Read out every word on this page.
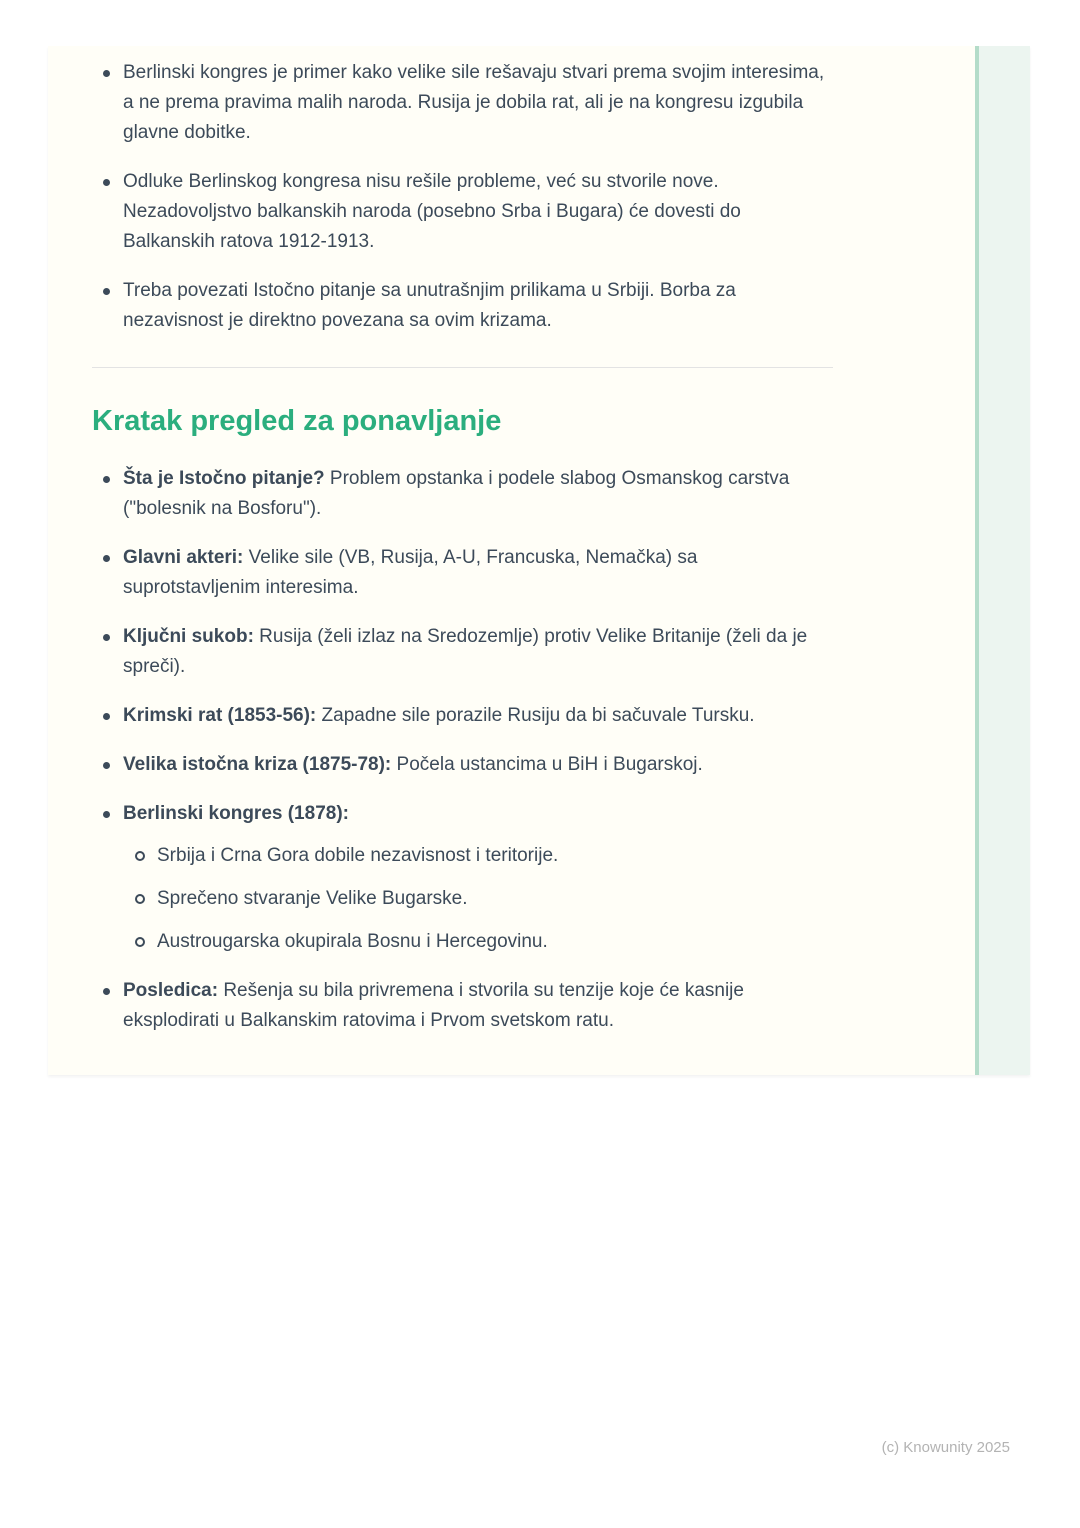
Berlinski kongres je primer kako velike sile rešavaju stvari prema svojim interesima, a ne prema pravima malih naroda. Rusija je dobila rat, ali je na kongresu izgubila glavne dobitke.
Odluke Berlinskog kongresa nisu rešile probleme, već su stvorile nove. Nezadovoljstvo balkanskih naroda (posebno Srba i Bugara) će dovesti do Balkanskih ratova 1912-1913.
Treba povezati Istočno pitanje sa unutrašnjim prilikama u Srbiji. Borba za nezavisnost je direktno povezana sa ovim krizama.
Kratak pregled za ponavljanje
Šta je Istočno pitanje? Problem opstanka i podele slabog Osmanskog carstva ("bolesnik na Bosforu").
Glavni akteri: Velike sile (VB, Rusija, A-U, Francuska, Nemačka) sa suprotstavljenim interesima.
Ključni sukob: Rusija (želi izlaz na Sredozemlje) protiv Velike Britanije (želi da je spreči).
Krimski rat (1853-56): Zapadne sile porazile Rusiju da bi sačuvale Tursku.
Velika istočna kriza (1875-78): Počela ustancima u BiH i Bugarskoj.
Berlinski kongres (1878):
Srbija i Crna Gora dobile nezavisnost i teritorije.
Sprečeno stvaranje Velike Bugarske.
Austrougarska okupirala Bosnu i Hercegovinu.
Posledica: Rešenja su bila privremena i stvorila su tenzije koje će kasnije eksplodirati u Balkanskim ratovima i Prvom svetskom ratu.
(c) Knowunity 2025
